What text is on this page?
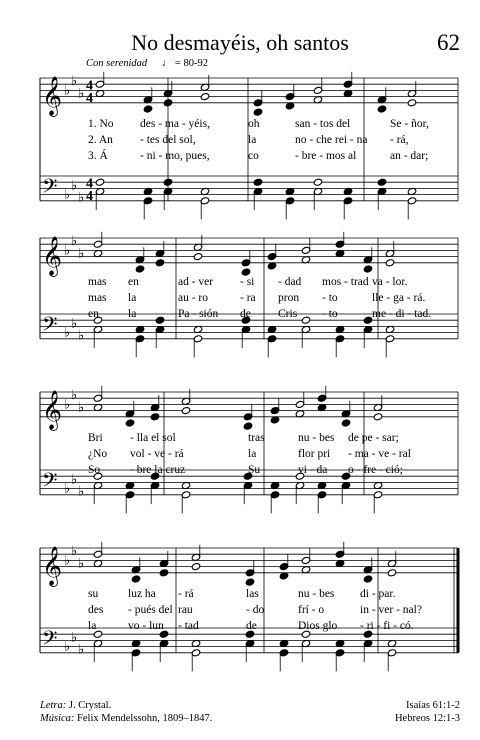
No desmayéis, oh santos	62
Con serenidad ♩ = 80-92
𝄞
𝄢
♭
♭
♭
♭
♭
♭
4
4
4
4
1. No des - ma - yéis,	oh	san - tos del	Se - ñor,
2. An - tes del sol,	la	no - che rei - na - rá,
3. Á	- ni - mo, pues,	co	- bre - mos al	an - dar;
𝄞
𝄢
♭
♭
♭
♭
♭
♭
mas en	ad - ver - si - dad mos - trad va - lor.
mas la	au - ro	- ra pron - to	lle - ga - rá.
en	la	Pa - sión de Cris - to	me - di - tad.
𝄞
𝄢
♭
♭
♭
♭
♭
♭
Bri - lla el sol	tras	nu - bes de pe - sar;
¿No vol - ve - rá	la	flor pri - ma - ve - ral
So	- bre la cruz	Su	vi - da o - fre - ció;
𝄞
𝄢
♭
♭
♭
♭
♭
♭
su	luz ha - rá	las	nu - bes di - par.
des - pués del rau	- do	frí - o	in - ver - nal?
la	vo - lun - tad	de	Dios glo - ri - fi - có.
Letra: J. Crystal.
Música: Felix Mendelssohn, 1809–1847.
Isaías 61:1-2
Hebreos 12:1-3
